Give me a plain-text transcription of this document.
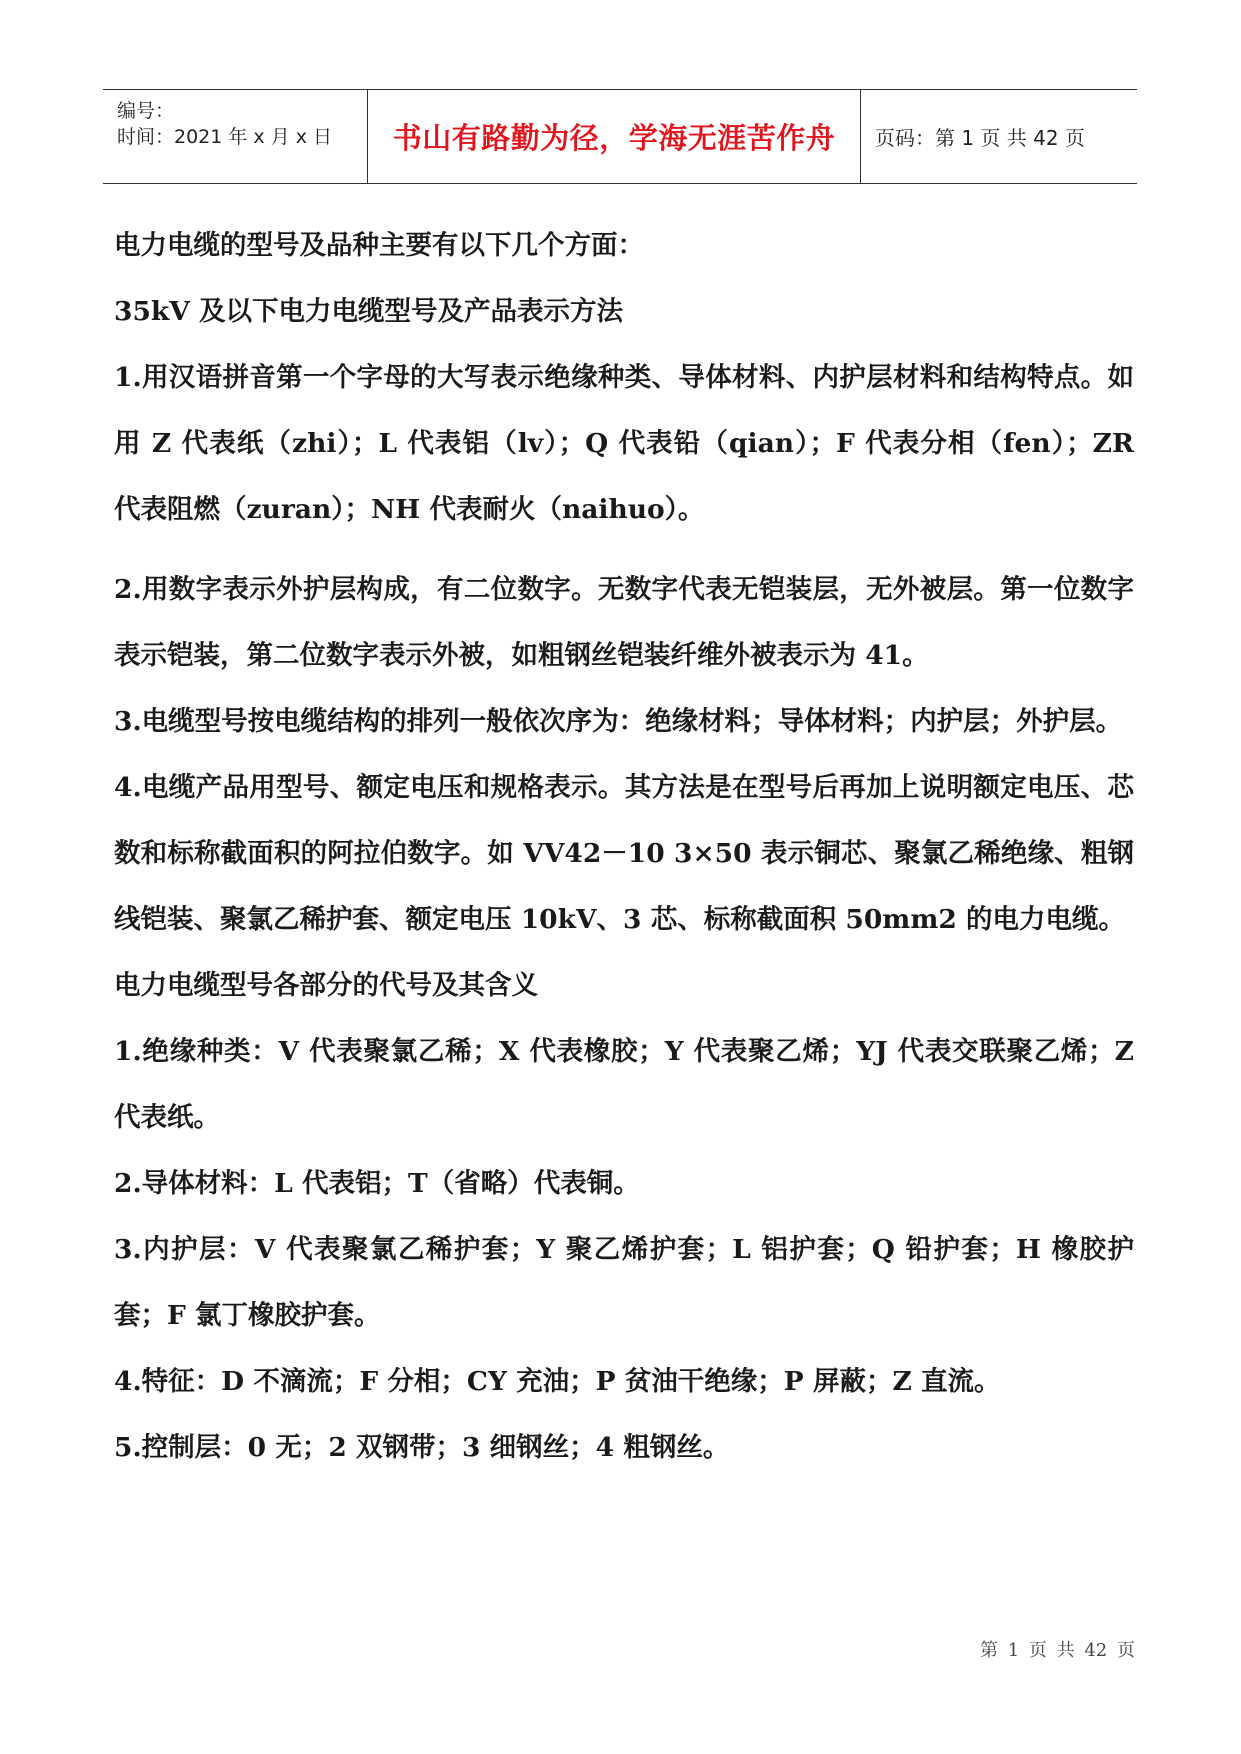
编号：
时间：2021 年 x 月 x 日	书山有路勤为径，学海无涯苦作舟	页码：第 1 页 共 42 页

电力电缆的型号及品种主要有以下几个方面：

35kV 及以下电力电缆型号及产品表示方法

1.用汉语拼音第一个字母的大写表示绝缘种类、导体材料、内护层材料和结构特点。如用 Z 代表纸（zhi）；L 代表铝（lv）；Q 代表铅（qian）；F 代表分相（fen）；ZR 代表阻燃（zuran）；NH 代表耐火（naihuo）。

2.用数字表示外护层构成，有二位数字。无数字代表无铠装层，无外被层。第一位数字表示铠装，第二位数字表示外被，如粗钢丝铠装纤维外被表示为 41。

3.电缆型号按电缆结构的排列一般依次序为：绝缘材料；导体材料；内护层；外护层。

4.电缆产品用型号、额定电压和规格表示。其方法是在型号后再加上说明额定电压、芯数和标称截面积的阿拉伯数字。如 VV42－10 3×50 表示铜芯、聚氯乙稀绝缘、粗钢线铠装、聚氯乙稀护套、额定电压 10kV、3 芯、标称截面积 50mm2 的电力电缆。

电力电缆型号各部分的代号及其含义

1.绝缘种类：V 代表聚氯乙稀；X 代表橡胶；Y 代表聚乙烯；YJ 代表交联聚乙烯；Z 代表纸。

2.导体材料：L 代表铝；T（省略）代表铜。

3.内护层：V 代表聚氯乙稀护套；Y 聚乙烯护套；L 铝护套；Q 铅护套；H 橡胶护套；F 氯丁橡胶护套。

4.特征：D 不滴流；F 分相；CY 充油；P 贫油干绝缘；P 屏蔽；Z 直流。

5.控制层：0 无；2 双钢带；3 细钢丝；4 粗钢丝。

第 1 页 共 42 页
